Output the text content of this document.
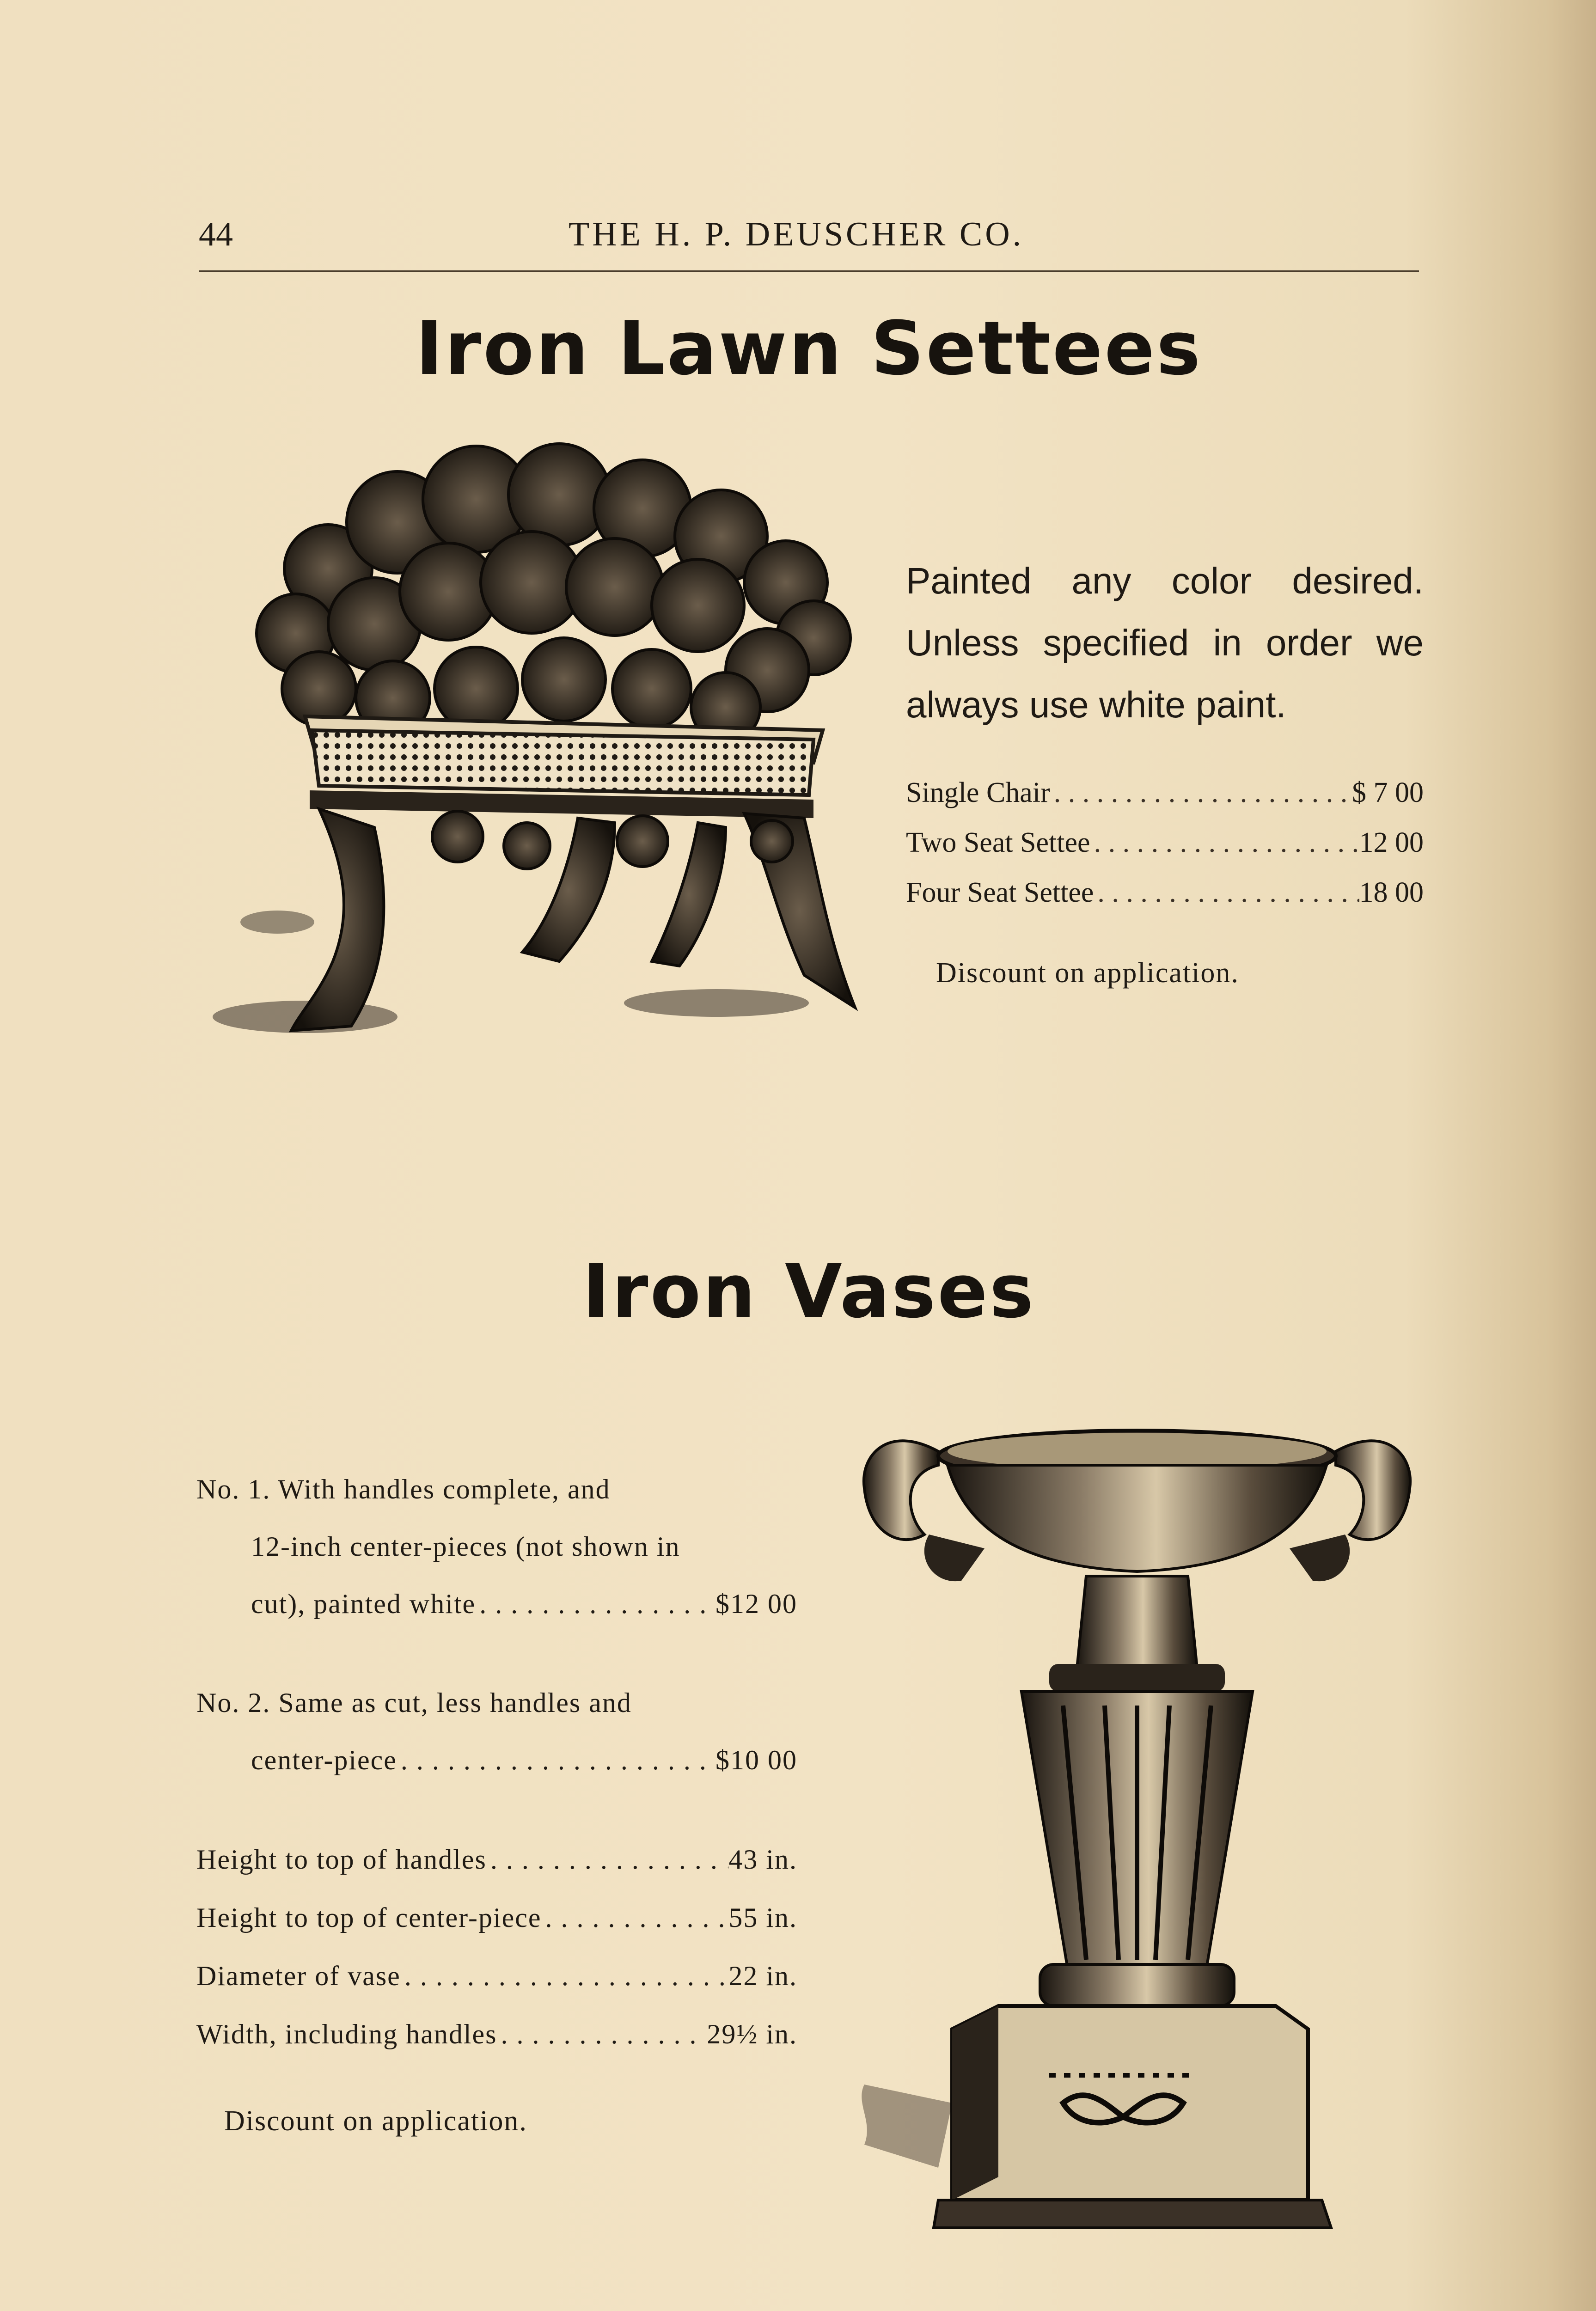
44	THE H. P. DEUSCHER CO.
Iron Lawn Settees

Painted any color desired. Unless specified in order we always use white paint.

Single Chair . . .	$ 7 00
Two Seat Settee . . .	12 00
Four Seat Settee . . .	18 00
Discount on application.
Iron Vases

No. 1. With handles complete, and

12-inch center-pieces (not shown in

cut), painted white . . .	$12 00

No. 2. Same as cut, less handles and

center-piece . . .	$10 00

Height to top of handles . . .	43 in.

Height to top of center-piece . . .	55 in.

Diameter of vase . . .	22 in.

Width, including handles . . .	29½ in.

Discount on application.
